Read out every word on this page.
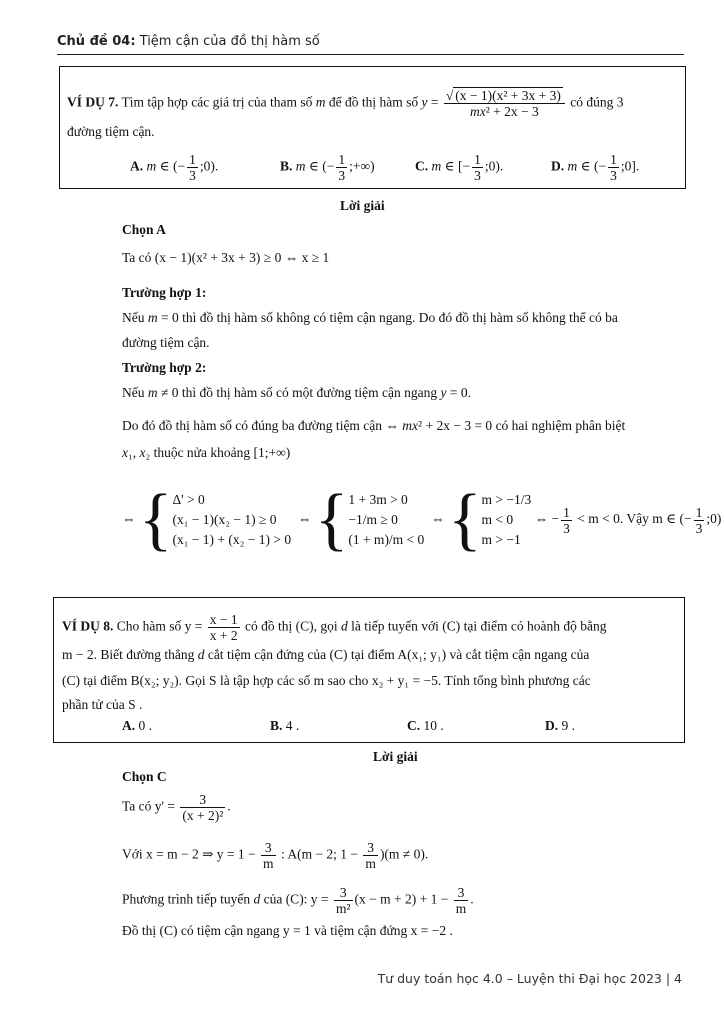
Chủ đề 04: Tiệm cận của đồ thị hàm số
VÍ DỤ 7. Tìm tập hợp các giá trị của tham số m để đồ thị hàm số $y = \frac{\text{√ (x − 1)(x² + 3x + 3)}}{\text{mx² + 2x − 3}}$ có đúng 3
đường tiệm cận.
A. m ∈ (− $\frac{1}{3}$ ;0).	B. m ∈ (− $\frac{1}{3}$ ;+∞)	C. m ∈ [− $\frac{1}{3}$ ;0).	D. m ∈ (− $\frac{1}{3}$ ;0].
Lời giải
Chọn A
Ta có (x − 1)(x² + 3x + 3) ≥ 0 ⇔ x ≥ 1
Trường hợp 1:
Nếu m = 0 thì đồ thị hàm số không có tiệm cận ngang. Do đó đồ thị hàm số không thể có ba
đường tiệm cận.
Trường hợp 2:
Nếu m ≠ 0 thì đồ thị hàm số có một đường tiệm cận ngang y = 0.
Do đó đồ thị hàm số có đúng ba đường tiệm cận ⇔ mx² + 2x − 3 = 0 có hai nghiệm phân biệt
x₁, x₂ thuộc nửa khoảng [1;+∞)
⇔ {Δ' > 0
(x₁ − 1)(x₂ − 1) ≥ 0
(x₁ − 1) + (x₂ − 1) > 0  ⇔ {1 + 3m > 0
−1/m ≥ 0
(1 + m)/m < 0  ⇔ {m > −1/3
m < 0
m > −1 ⇔ − $\frac{1}{3} < m < 0$. Vậy m ∈ (− $\frac{1}{3}$ ;0)
VÍ DỤ 8. Cho hàm số $y = \frac{x - 1}{x + 2}$ có đồ thị (C), gọi d là tiếp tuyến với (C) tại điểm có hoành độ bằng
m − 2. Biết đường thẳng d cắt tiệm cận đứng của (C) tại điểm A(x₁; y₁) và cắt tiệm cận ngang của
(C) tại điểm B(x₂; y₂). Gọi S là tập hợp các số m sao cho x₂ + y₁ = −5. Tính tổng bình phương các
phần tử của S .
A. 0 .	B. 4 .	C. 10 .	D. 9 .
Lời giải
Chọn C
Ta có $y' = \frac{3}{\text{(x + 2)²}}$ .
Với x = m − 2 ⇒ $y = 1 - \frac{3}{m}$ : A(m − 2; $1 - \frac{3}{m} )(m \ne 0)$.
Phương trình tiếp tuyến d của (C): $y = \frac{3}{\text{m²}} (x - m + 2) + 1 - \frac{3}{m}$ .
Đồ thị (C) có tiệm cận ngang y = 1 và tiệm cận đứng x = −2 .
Tư duy toán học 4.0 – Luyện thi Đại học 2023 | 4
